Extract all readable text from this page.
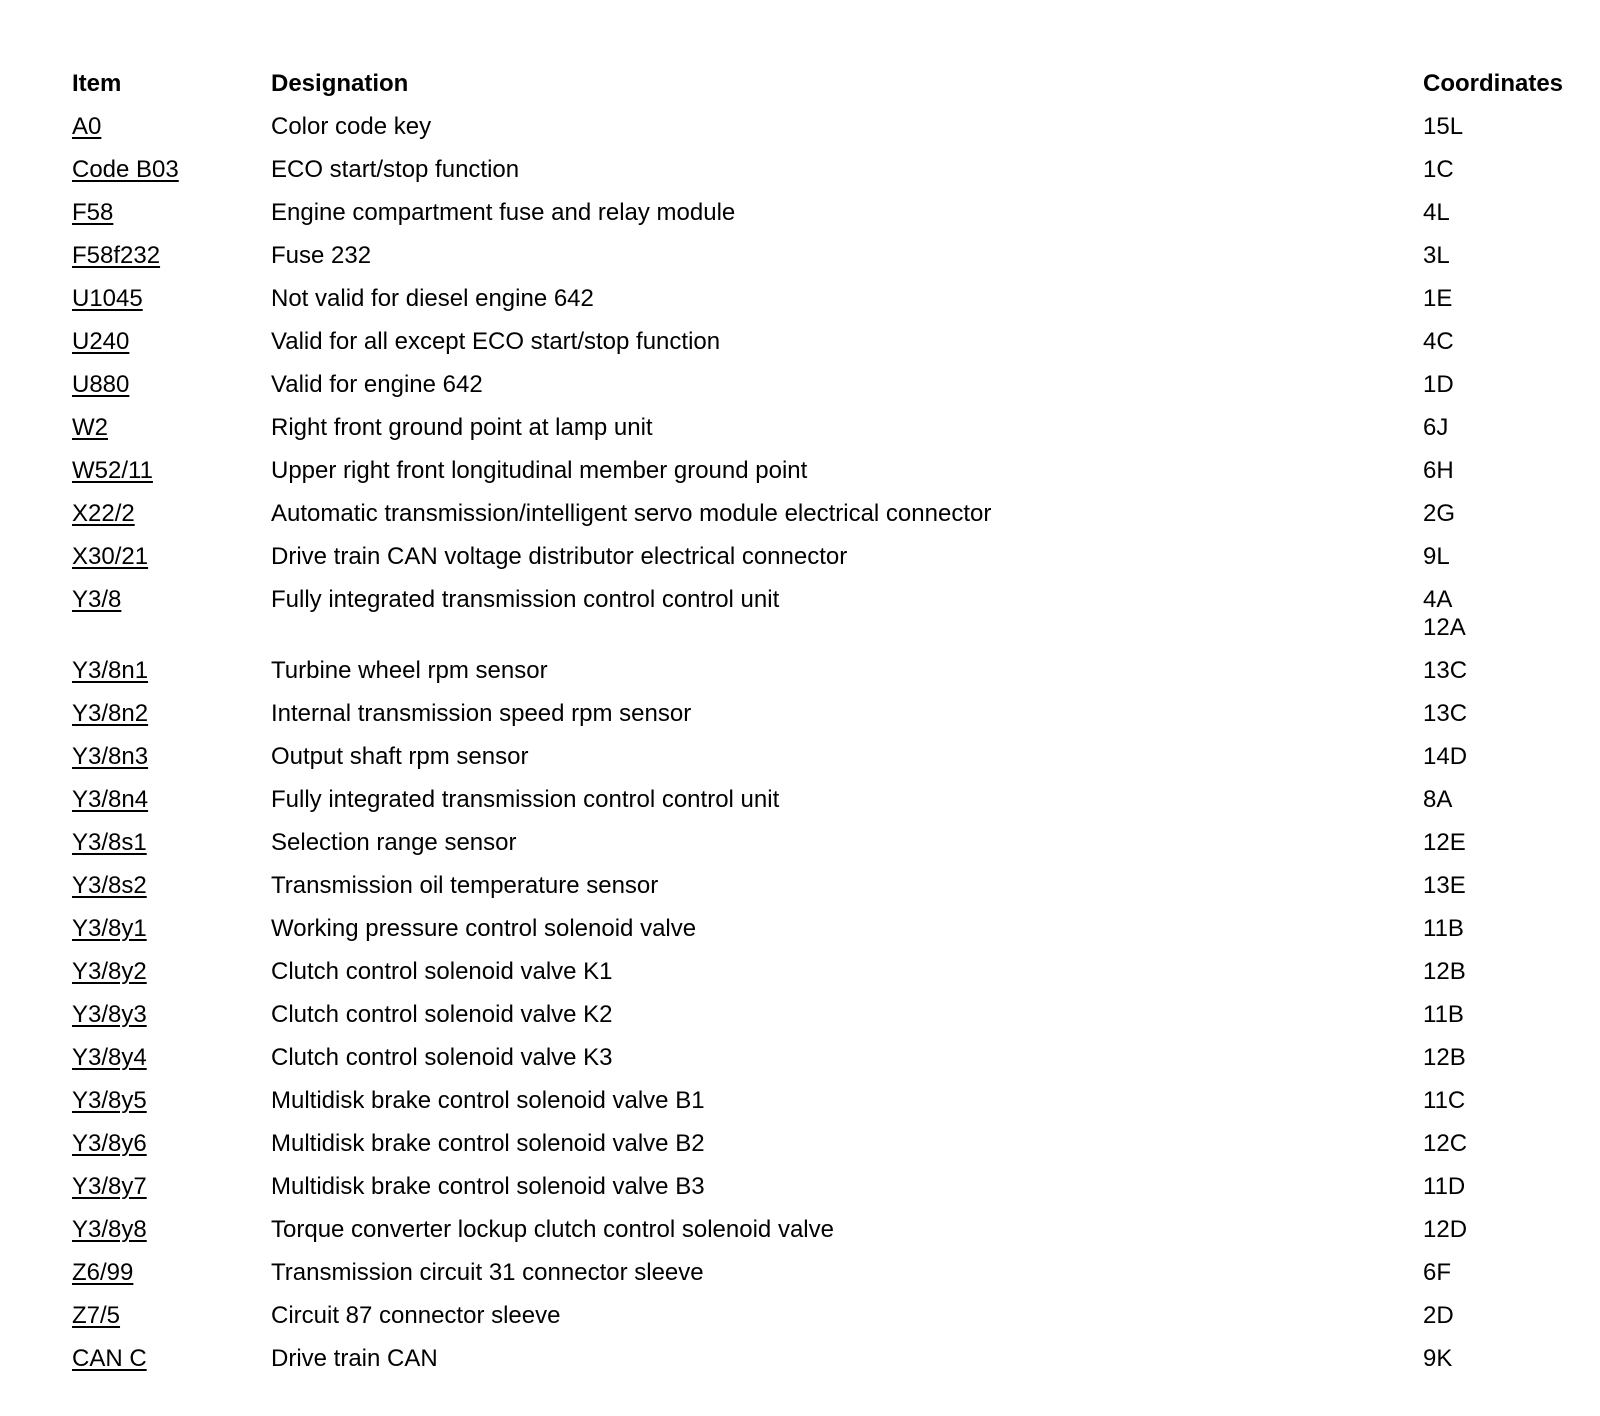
Item	Designation	Coordinates
A0	Color code key	15L
Code B03	ECO start/stop function	1C
F58	Engine compartment fuse and relay module	4L
F58f232	Fuse 232	3L
U1045	Not valid for diesel engine 642	1E
U240	Valid for all except ECO start/stop function	4C
U880	Valid for engine 642	1D
W2	Right front ground point at lamp unit	6J
W52/11	Upper right front longitudinal member ground point	6H
X22/2	Automatic transmission/intelligent servo module electrical connector	2G
X30/21	Drive train CAN voltage distributor electrical connector	9L
Y3/8	Fully integrated transmission control control unit	4A
12A
Y3/8n1	Turbine wheel rpm sensor	13C
Y3/8n2	Internal transmission speed rpm sensor	13C
Y3/8n3	Output shaft rpm sensor	14D
Y3/8n4	Fully integrated transmission control control unit	8A
Y3/8s1	Selection range sensor	12E
Y3/8s2	Transmission oil temperature sensor	13E
Y3/8y1	Working pressure control solenoid valve	11B
Y3/8y2	Clutch control solenoid valve K1	12B
Y3/8y3	Clutch control solenoid valve K2	11B
Y3/8y4	Clutch control solenoid valve K3	12B
Y3/8y5	Multidisk brake control solenoid valve B1	11C
Y3/8y6	Multidisk brake control solenoid valve B2	12C
Y3/8y7	Multidisk brake control solenoid valve B3	11D
Y3/8y8	Torque converter lockup clutch control solenoid valve	12D
Z6/99	Transmission circuit 31 connector sleeve	6F
Z7/5	Circuit 87 connector sleeve	2D
CAN C	Drive train CAN	9K
